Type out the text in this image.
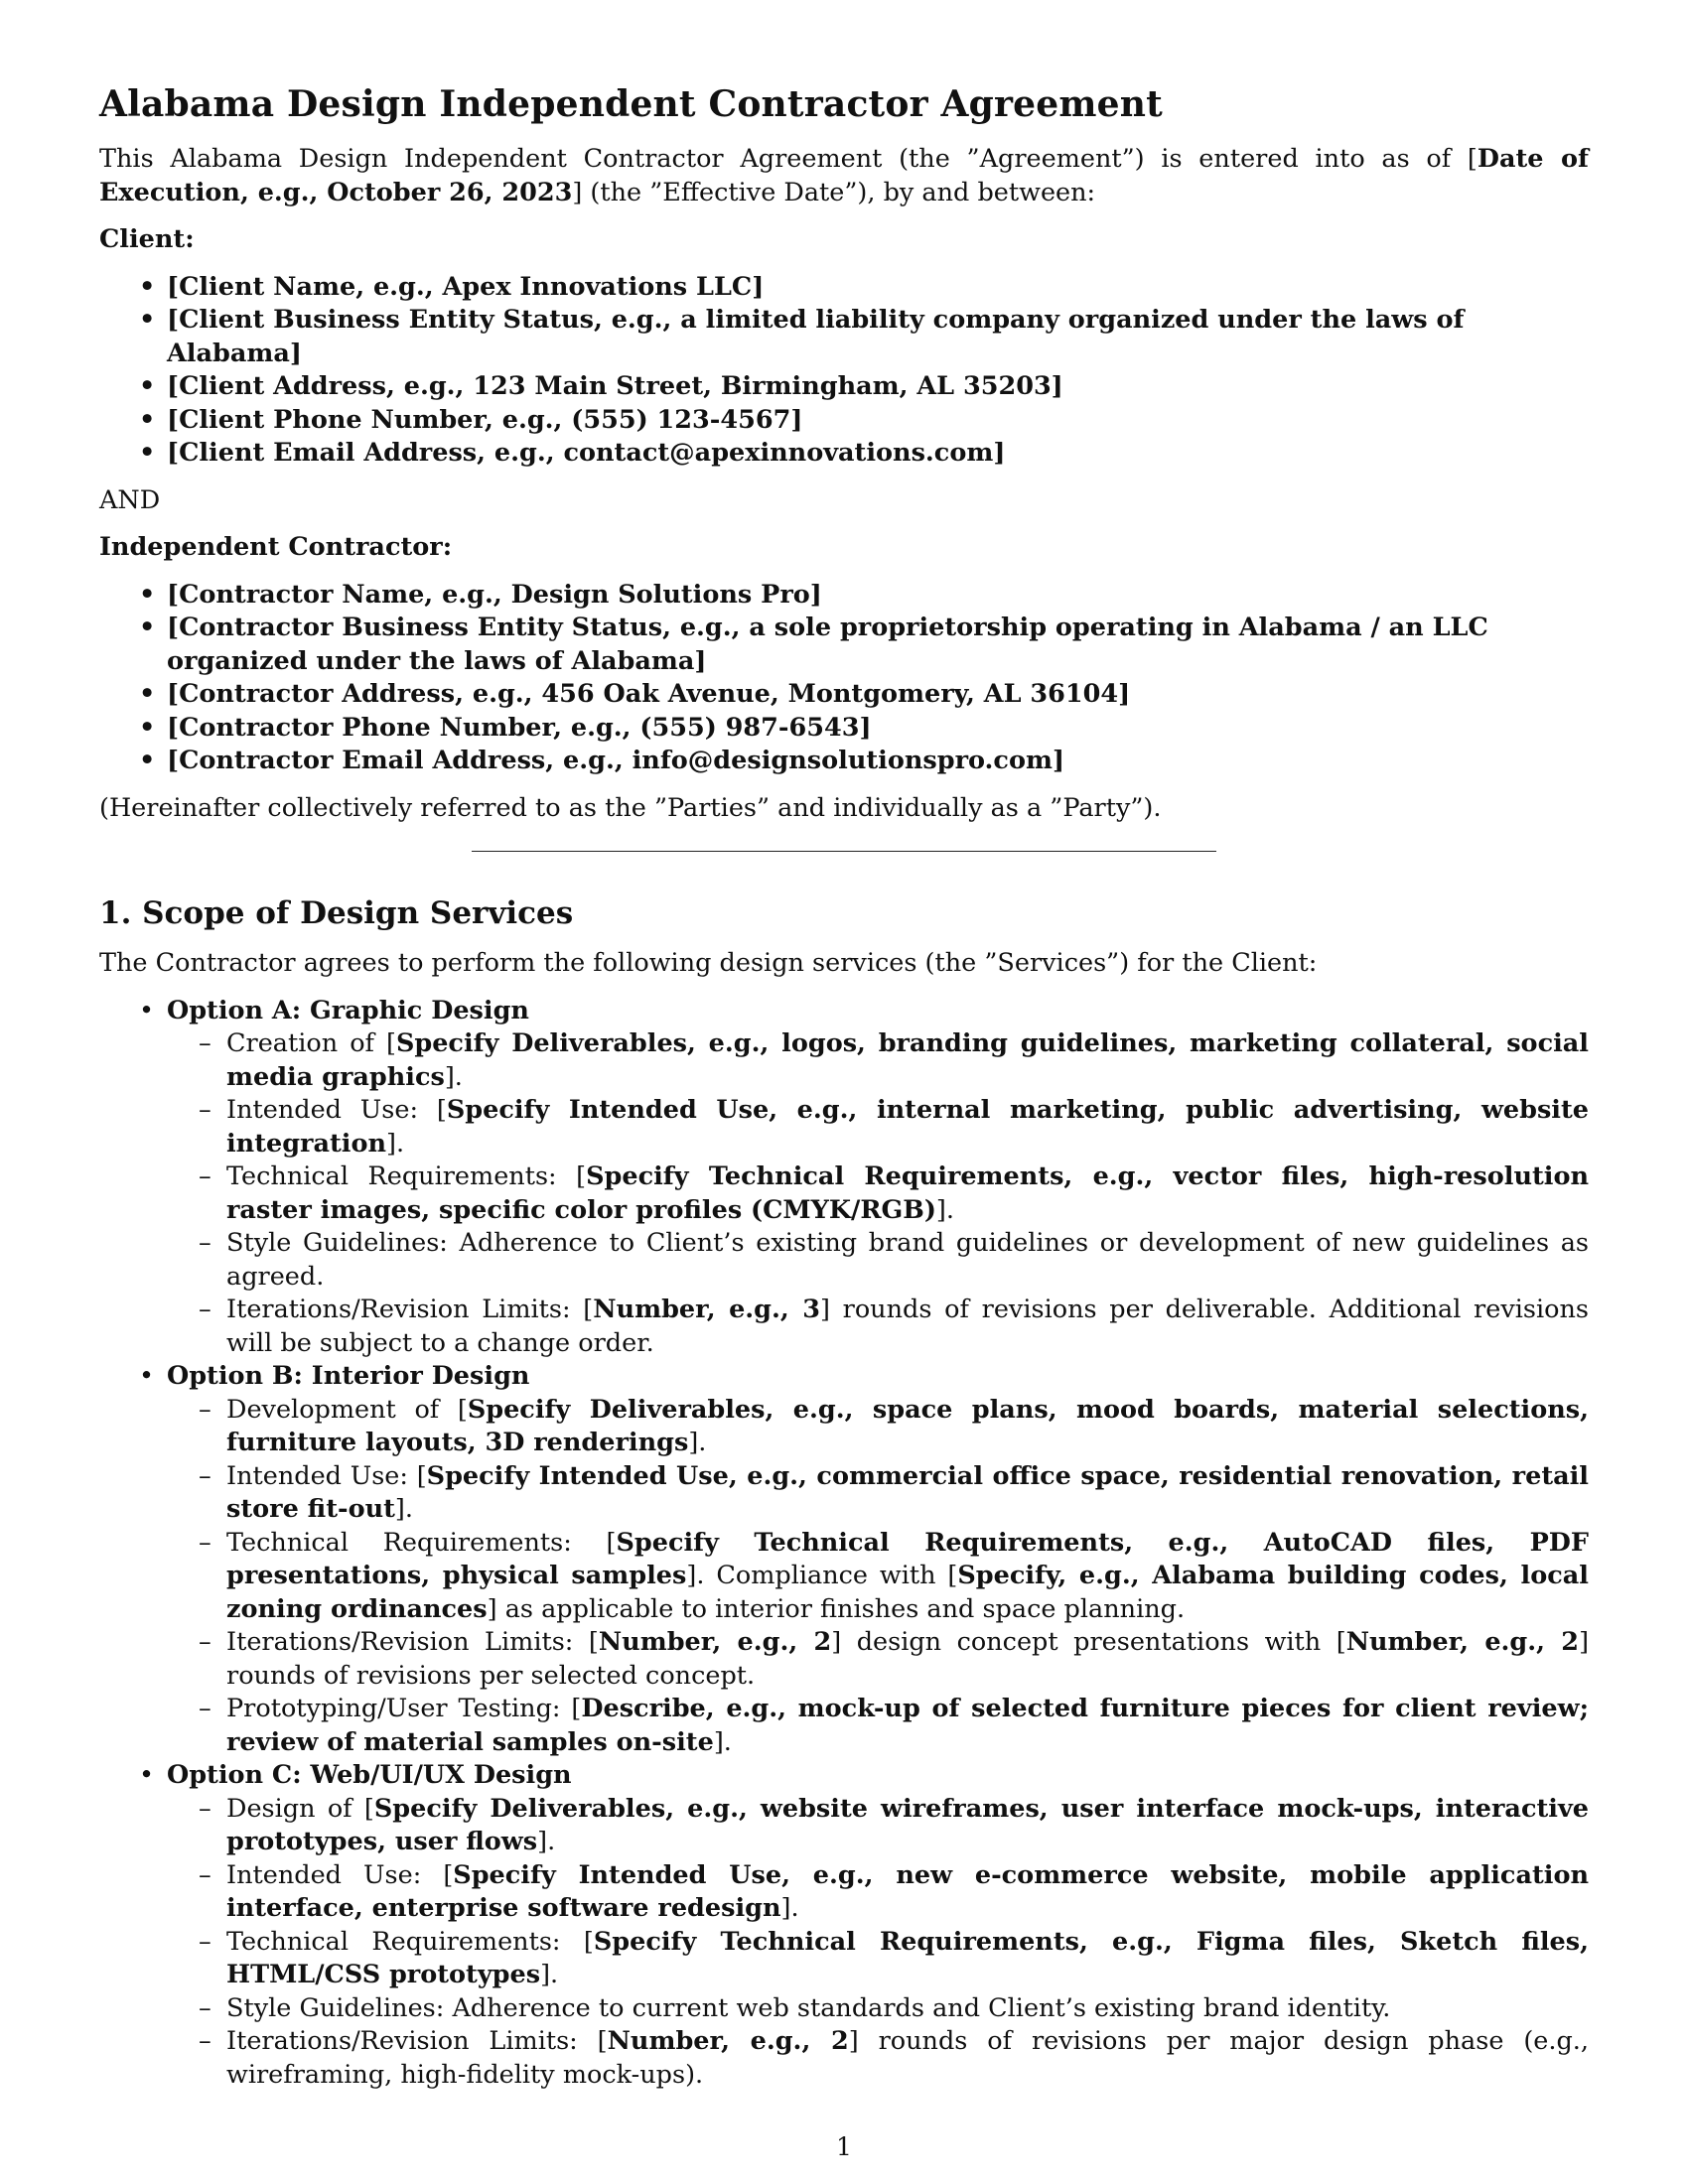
Alabama Design Independent Contractor Agreement

This Alabama Design Independent Contractor Agreement (the ”Agreement”) is entered into as of [Date of Execution, e.g., October 26, 2023] (the ”Effective Date”), by and between:

Client:
• [Client Name, e.g., Apex Innovations LLC]
• [Client Business Entity Status, e.g., a limited liability company organized under the laws of Alabama]
• [Client Address, e.g., 123 Main Street, Birmingham, AL 35203]
• [Client Phone Number, e.g., (555) 123-4567]
• [Client Email Address, e.g., contact@apexinnovations.com]

AND

Independent Contractor:
• [Contractor Name, e.g., Design Solutions Pro]
• [Contractor Business Entity Status, e.g., a sole proprietorship operating in Alabama / an LLC organized under the laws of Alabama]
• [Contractor Address, e.g., 456 Oak Avenue, Montgomery, AL 36104]
• [Contractor Phone Number, e.g., (555) 987-6543]
• [Contractor Email Address, e.g., info@designsolutionspro.com]

(Hereinafter collectively referred to as the ”Parties” and individually as a ”Party”).

1. Scope of Design Services

The Contractor agrees to perform the following design services (the ”Services”) for the Client:

• Option A: Graphic Design
– Creation of [Specify Deliverables, e.g., logos, branding guidelines, marketing collateral, social media graphics].
– Intended Use: [Specify Intended Use, e.g., internal marketing, public advertising, website integration].
– Technical Requirements: [Specify Technical Requirements, e.g., vector files, high-resolution raster images, specific color profiles (CMYK/RGB)].
– Style Guidelines: Adherence to Client’s existing brand guidelines or development of new guidelines as agreed.
– Iterations/Revision Limits: [Number, e.g., 3] rounds of revisions per deliverable. Additional revisions will be subject to a change order.
• Option B: Interior Design
– Development of [Specify Deliverables, e.g., space plans, mood boards, material selections, furniture layouts, 3D renderings].
– Intended Use: [Specify Intended Use, e.g., commercial office space, residential renovation, retail store fit-out].
– Technical Requirements: [Specify Technical Requirements, e.g., AutoCAD files, PDF presentations, physical samples]. Compliance with [Specify, e.g., Alabama building codes, local zoning ordinances] as applicable to interior finishes and space planning.
– Iterations/Revision Limits: [Number, e.g., 2] design concept presentations with [Number, e.g., 2] rounds of revisions per selected concept.
– Prototyping/User Testing: [Describe, e.g., mock-up of selected furniture pieces for client review; review of material samples on-site].
• Option C: Web/UI/UX Design
– Design of [Specify Deliverables, e.g., website wireframes, user interface mock-ups, interactive prototypes, user flows].
– Intended Use: [Specify Intended Use, e.g., new e-commerce website, mobile application interface, enterprise software redesign].
– Technical Requirements: [Specify Technical Requirements, e.g., Figma files, Sketch files, HTML/CSS prototypes].
– Style Guidelines: Adherence to current web standards and Client’s existing brand identity.
– Iterations/Revision Limits: [Number, e.g., 2] rounds of revisions per major design phase (e.g., wireframing, high-fidelity mock-ups).
1
